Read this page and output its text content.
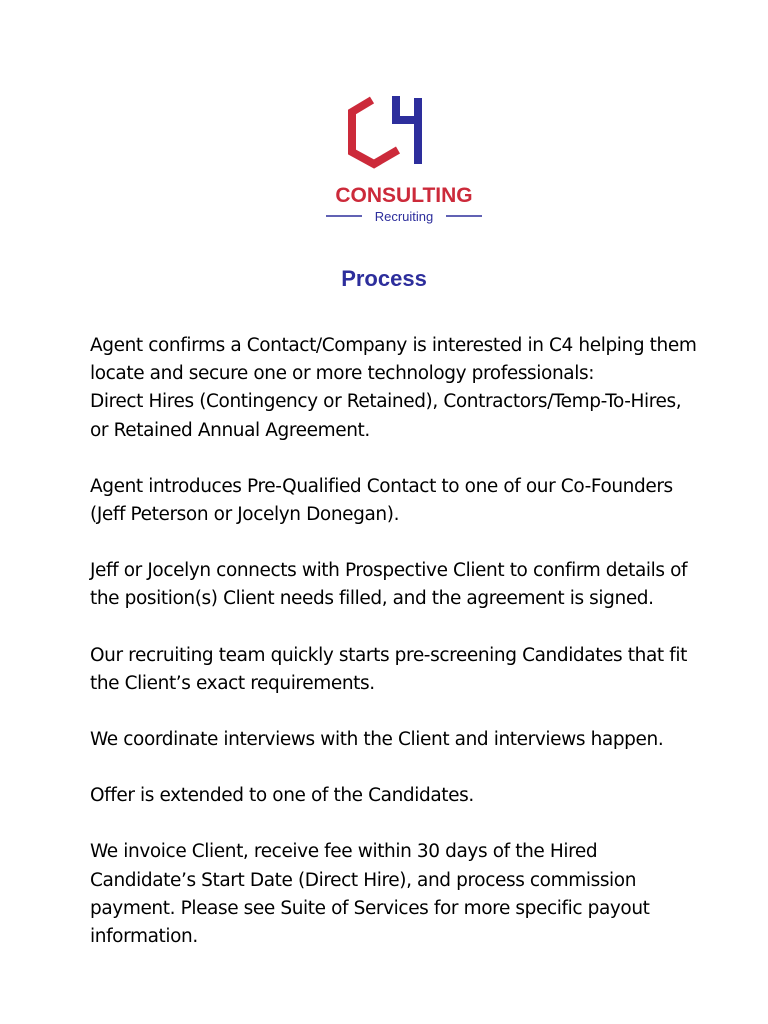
CONSULTING
Recruiting
Process
Agent confirms a Contact/Company is interested in C4 helping them
locate and secure one or more technology professionals:
Direct Hires (Contingency or Retained), Contractors/Temp-To-Hires,
or Retained Annual Agreement.
Agent introduces Pre-Qualified Contact to one of our Co-Founders
(Jeff Peterson or Jocelyn Donegan).
Jeff or Jocelyn connects with Prospective Client to confirm details of
the position(s) Client needs filled, and the agreement is signed.
Our recruiting team quickly starts pre-screening Candidates that fit
the Client’s exact requirements.
We coordinate interviews with the Client and interviews happen.
Offer is extended to one of the Candidates.
We invoice Client, receive fee within 30 days of the Hired
Candidate’s Start Date (Direct Hire), and process commission
payment. Please see Suite of Services for more specific payout
information.
